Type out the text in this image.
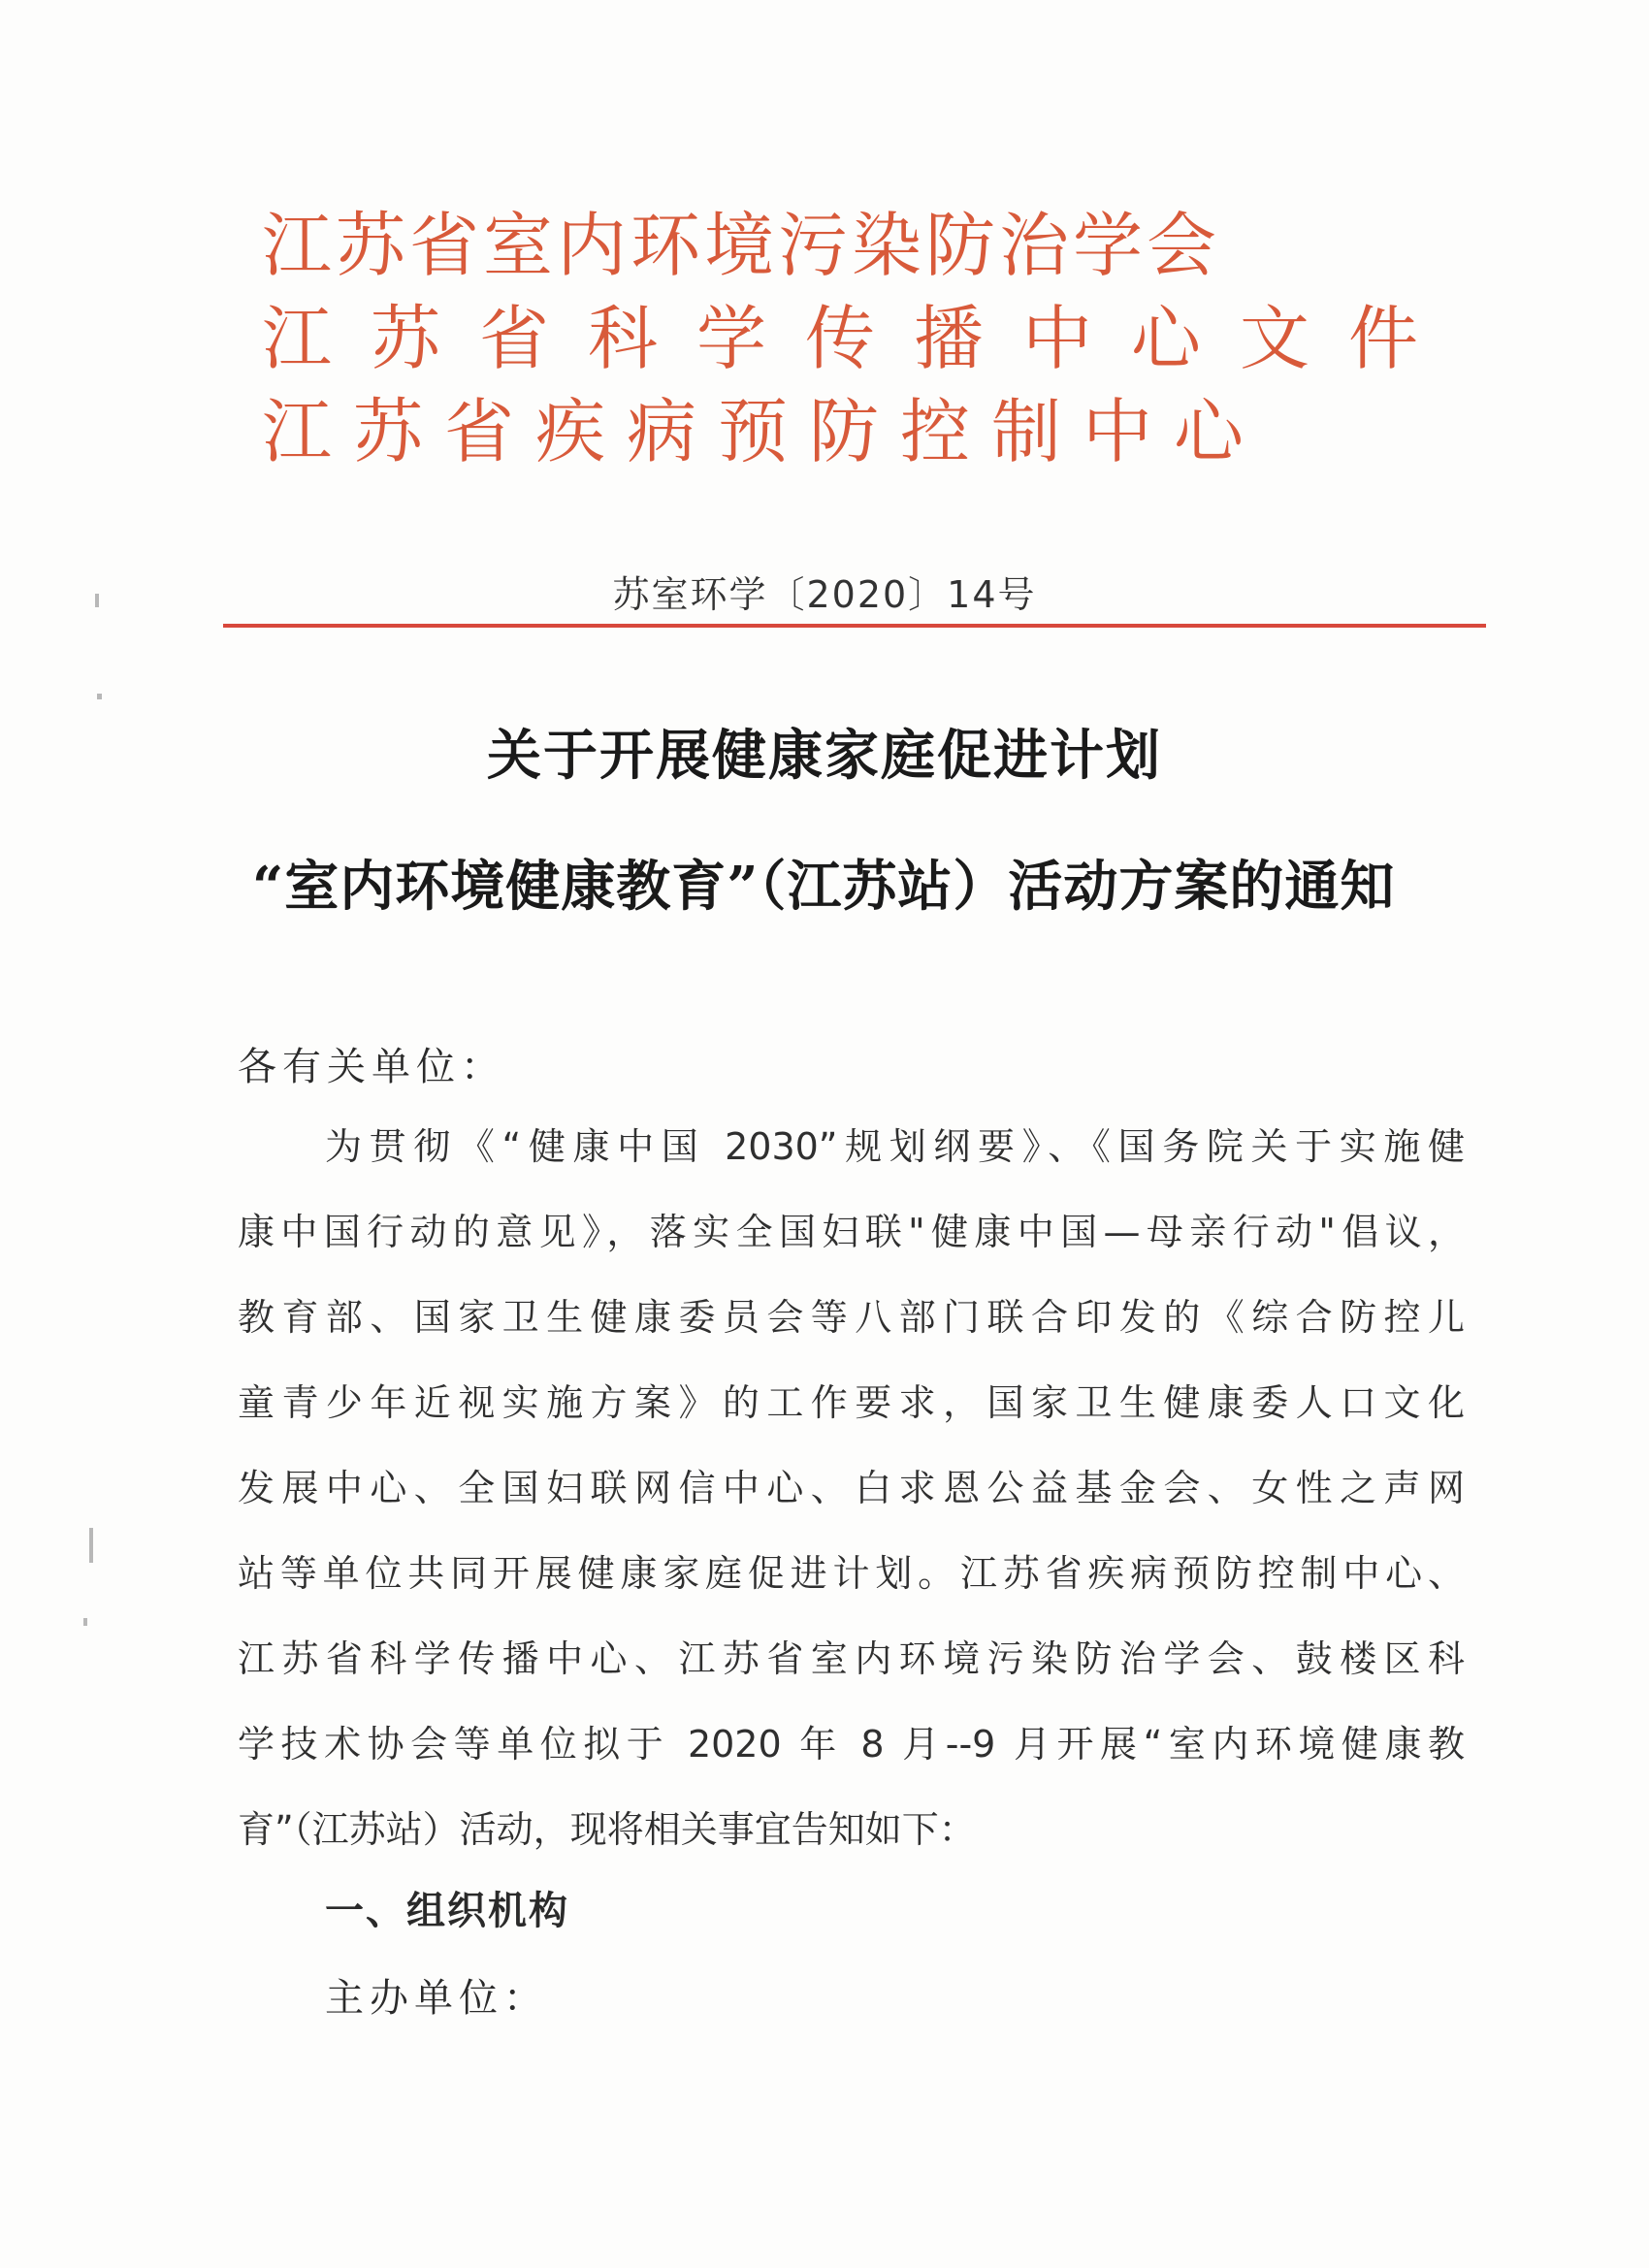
江苏省室内环境污染防治学会
江苏省科学传播中心文件
江苏省疾病预防控制中心
苏室环学〔2020〕14号
关于开展健康家庭促进计划
“室内环境健康教育”（江苏站）活动方案的通知
各有关单位：
为贯彻《“健康中国 2030”规划纲要》、《国务院关于实施健
康中国行动的意见》，落实全国妇联"健康中国—母亲行动"倡议，
教育部、国家卫生健康委员会等八部门联合印发的《综合防控儿
童青少年近视实施方案》的工作要求，国家卫生健康委人口文化
发展中心、全国妇联网信中心、白求恩公益基金会、女性之声网
站等单位共同开展健康家庭促进计划。江苏省疾病预防控制中心、
江苏省科学传播中心、江苏省室内环境污染防治学会、鼓楼区科
学技术协会等单位拟于 2020 年 8 月--9 月开展“室内环境健康教
育”（江苏站）活动，现将相关事宜告知如下：
一、组织机构
主办单位：
